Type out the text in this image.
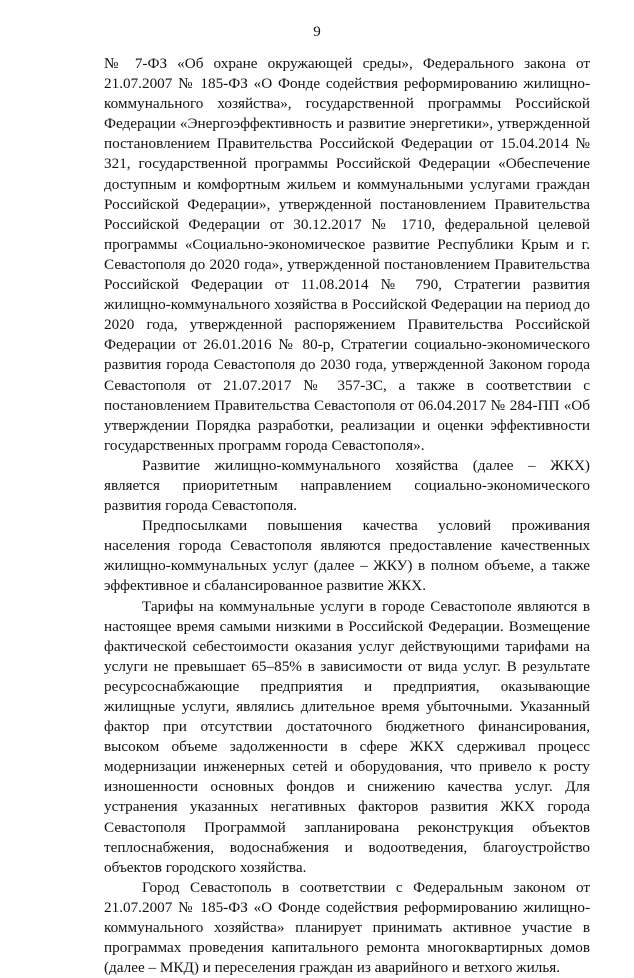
9

№ 7-ФЗ «Об охране окружающей среды», Федерального закона от 21.07.2007 № 185-ФЗ «О Фонде содействия реформированию жилищно-коммунального хозяйства», государственной программы Российской Федерации «Энергоэффективность и развитие энергетики», утвержденной постановлением Правительства Российской Федерации от 15.04.2014 № 321, государственной программы Российской Федерации «Обеспечение доступным и комфортным жильем и коммунальными услугами граждан Российской Федерации», утвержденной постановлением Правительства Российской Федерации от 30.12.2017 № 1710, федеральной целевой программы «Социально-экономическое развитие Республики Крым и г. Севастополя до 2020 года», утвержденной постановлением Правительства Российской Федерации от 11.08.2014 № 790, Стратегии развития жилищно-коммунального хозяйства в Российской Федерации на период до 2020 года, утвержденной распоряжением Правительства Российской Федерации от 26.01.2016 № 80-р, Стратегии социально-экономического развития города Севастополя до 2030 года, утвержденной Законом города Севастополя от 21.07.2017 № 357-ЗС, а также в соответствии с постановлением Правительства Севастополя от 06.04.2017 № 284-ПП «Об утверждении Порядка разработки, реализации и оценки эффективности государственных программ города Севастополя».

Развитие жилищно-коммунального хозяйства (далее – ЖКХ) является приоритетным направлением социально-экономического развития города Севастополя.

Предпосылками повышения качества условий проживания населения города Севастополя являются предоставление качественных жилищно-коммунальных услуг (далее – ЖКУ) в полном объеме, а также эффективное и сбалансированное развитие ЖКХ.

Тарифы на коммунальные услуги в городе Севастополе являются в настоящее время самыми низкими в Российской Федерации. Возмещение фактической себестоимости оказания услуг действующими тарифами на услуги не превышает 65–85% в зависимости от вида услуг. В результате ресурсоснабжающие предприятия и предприятия, оказывающие жилищные услуги, являлись длительное время убыточными. Указанный фактор при отсутствии достаточного бюджетного финансирования, высоком объеме задолженности в сфере ЖКХ сдерживал процесс модернизации инженерных сетей и оборудования, что привело к росту изношенности основных фондов и снижению качества услуг. Для устранения указанных негативных факторов развития ЖКХ города Севастополя Программой запланирована реконструкция объектов теплоснабжения, водоснабжения и водоотведения, благоустройство объектов городского хозяйства.

Город Севастополь в соответствии с Федеральным законом от 21.07.2007 № 185-ФЗ «О Фонде содействия реформированию жилищно-коммунального хозяйства» планирует принимать активное участие в программах проведения капитального ремонта многоквартирных домов (далее – МКД) и переселения граждан из аварийного и ветхого жилья.
